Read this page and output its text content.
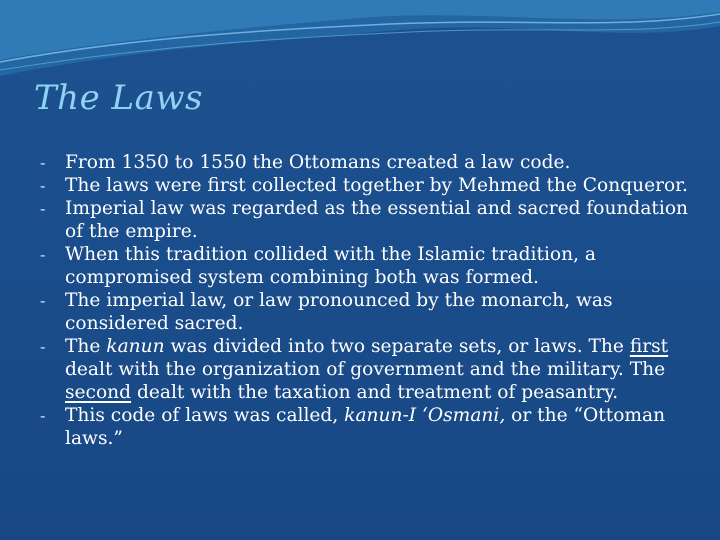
The Laws
- From 1350 to 1550 the Ottomans created a law code.
- The laws were first collected together by Mehmed the Conqueror.
- Imperial law was regarded as the essential and sacred foundation of the empire.
- When this tradition collided with the Islamic tradition, a compromised system combining both was formed.
- The imperial law, or law pronounced by the monarch, was considered sacred.
- The kanun was divided into two separate sets, or laws. The first dealt with the organization of government and the military. The second dealt with the taxation and treatment of peasantry.
- This code of laws was called, kanun-I ‘Osmani, or the “Ottoman laws.”
